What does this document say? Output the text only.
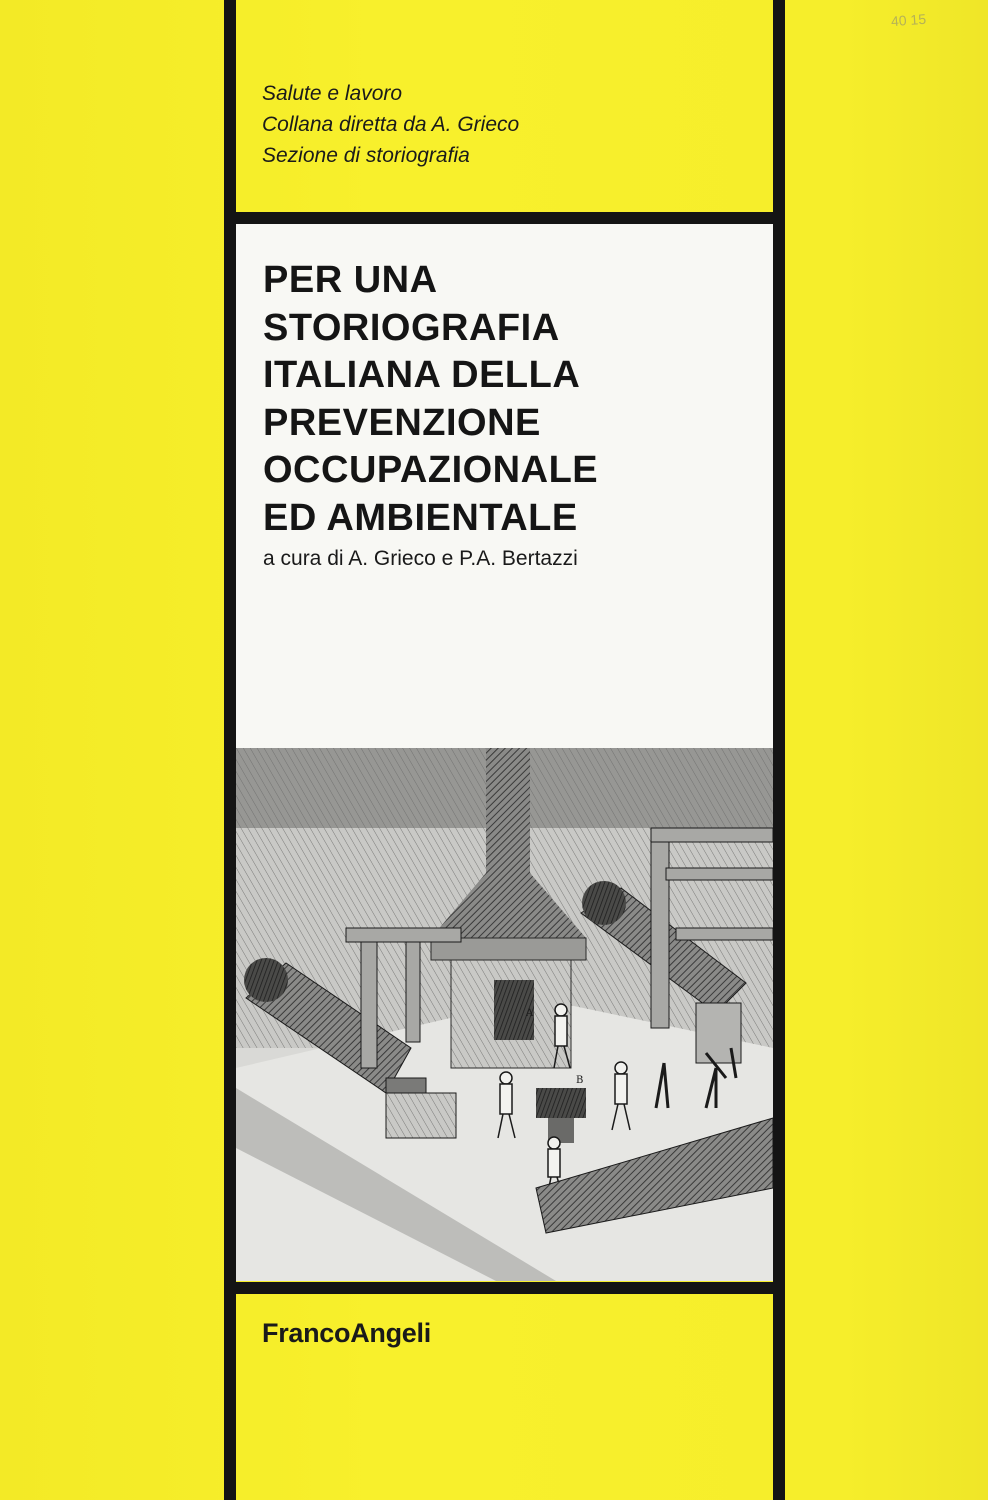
40 15
Salute e lavoro
Collana diretta da A. Grieco
Sezione di storiografia
PER UNA
STORIOGRAFIA
ITALIANA DELLA
PREVENZIONE
OCCUPAZIONALE
ED AMBIENTALE
a cura di A. Grieco e P.A. Bertazzi
A
B
FrancoAngeli
